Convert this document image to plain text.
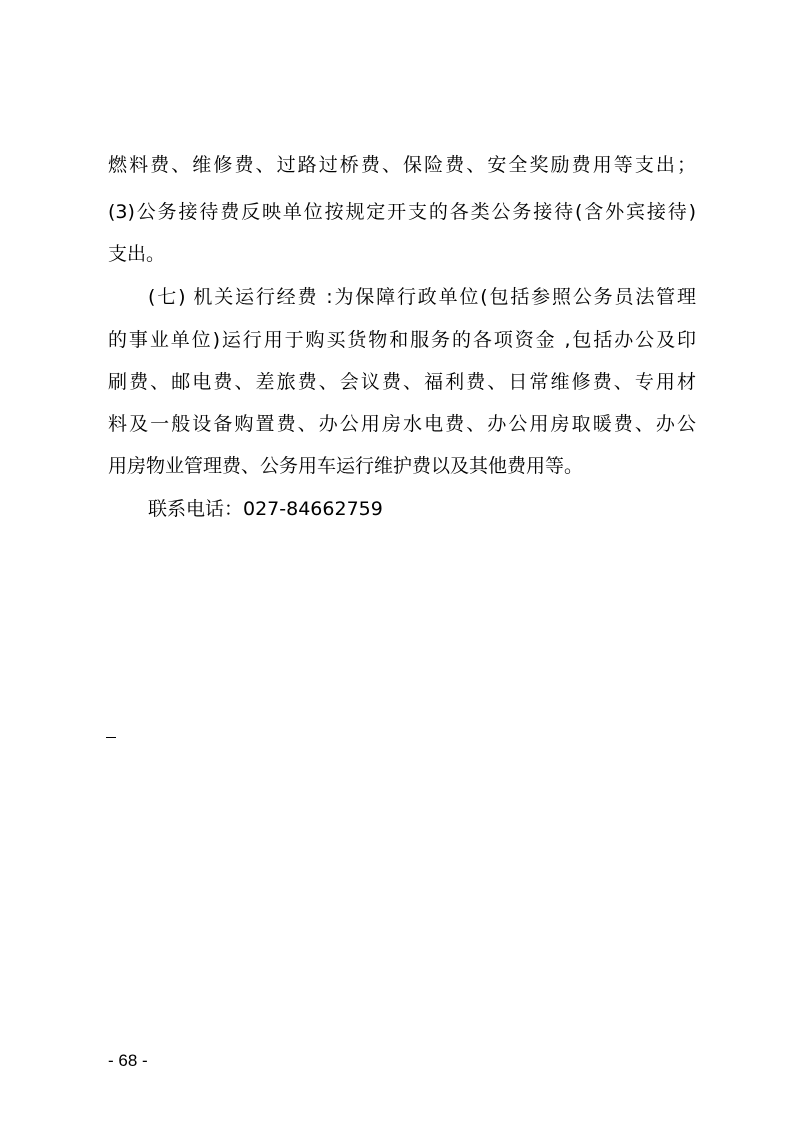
燃料费、维修费、过路过桥费、保险费、安全奖励费用等支出；

(3)公务接待费反映单位按规定开支的各类公务接待(含外宾接待)

支出。

(七) 机关运行经费 :为保障行政单位(包括参照公务员法管理

的事业单位)运行用于购买货物和服务的各项资金 ,包括办公及印

刷费、邮电费、差旅费、会议费、福利费、日常维修费、专用材

料及一般设备购置费、办公用房水电费、办公用房取暖费、办公

用房物业管理费、公务用车运行维护费以及其他费用等。

联系电话：027-84662759

- 68 -
